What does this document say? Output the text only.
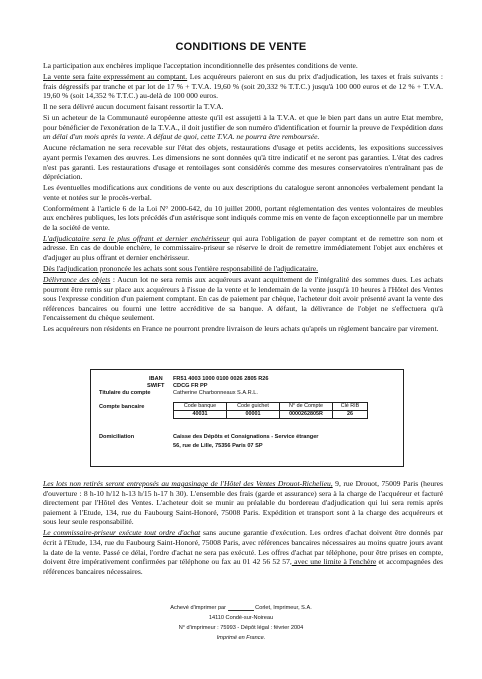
CONDITIONS DE VENTE

La participation aux enchères implique l'acceptation inconditionnelle des présentes conditions de vente.

La vente sera faite expressément au comptant. Les acquéreurs paieront en sus du prix d'adjudication, les taxes et frais suivants : frais dégressifs par tranche et par lot de 17 % + T.V.A. 19,60 % (soit 20,332 % T.T.C.) jusqu'à 100 000 euros et de 12 % + T.V.A. 19,60 % (soit 14,352 % T.T.C.) au-delà de 100 000 euros.

Il ne sera délivré aucun document faisant ressortir la T.V.A.

Si un acheteur de la Communauté européenne atteste qu'il est assujetti à la T.V.A. et que le bien part dans un autre Etat membre, pour bénéficier de l'exonération de la T.V.A., il doit justifier de son numéro d'identification et fournir la preuve de l'expédition dans un délai d'un mois après la vente. A défaut de quoi, cette T.V.A. ne pourra être remboursée.

Aucune réclamation ne sera recevable sur l'état des objets, restaurations d'usage et petits accidents, les expositions successives ayant permis l'examen des œuvres. Les dimensions ne sont données qu'à titre indicatif et ne seront pas garanties. L'état des cadres n'est pas garanti. Les restaurations d'usage et rentoilages sont considérés comme des mesures conservatoires n'entraînant pas de dépréciation.

Les éventuelles modifications aux conditions de vente ou aux descriptions du catalogue seront annoncées verbalement pendant la vente et notées sur le procès-verbal.

Conformément à l'article 6 de la Loi N° 2000-642, du 10 juillet 2000, portant réglementation des ventes volontaires de meubles aux enchères publiques, les lots précédés d'un astérisque sont indiqués comme mis en vente de façon exceptionnelle par un membre de la société de vente.

L'adjudicataire sera le plus offrant et dernier enchérisseur qui aura l'obligation de payer comptant et de remettre son nom et adresse. En cas de double enchère, le commissaire-priseur se réserve le droit de remettre immédiatement l'objet aux enchères et d'adjuger au plus offrant et dernier enchérisseur.

Dès l'adjudication prononcée les achats sont sous l'entière responsabilité de l'adjudicataire.

Délivrance des objets : Aucun lot ne sera remis aux acquéreurs avant acquittement de l'intégralité des sommes dues. Les achats pourront être remis sur place aux acquéreurs à l'issue de la vente et le lendemain de la vente jusqu'à 10 heures à l'Hôtel des Ventes sous l'expresse condition d'un paiement comptant. En cas de paiement par chèque, l'acheteur doit avoir présenté avant la vente des références bancaires ou fourni une lettre accréditive de sa banque. A défaut, la délivrance de l'objet ne s'effectuera qu'à l'encaissement du chèque seulement.

Les acquéreurs non résidents en France ne pourront prendre livraison de leurs achats qu'après un règlement bancaire par virement.

IBAN FR51 4003 1000 0100 0026 2805 R26
SWIFT CDCG FR PP
Titulaire du compte	Catherine Charbonneaux S.A.R.L.
Compte bancaire	Code banque	Code guichet	N° de Compte	Clé RIB
40031	00001	0000262805R	26
Domiciliation	Caisse des Dépôts et Consignations - Service étranger
56, rue de Lille, 75356 Paris 07 SP

Les lots non retirés seront entreposés au magasinage de l'Hôtel des Ventes Drouot-Richelieu, 9, rue Drouot, 75009 Paris (heures d'ouverture : 8 h-10 h/12 h-13 h/15 h-17 h 30). L'ensemble des frais (garde et assurance) sera à la charge de l'acquéreur et facturé directement par l'Hôtel des Ventes. L'acheteur doit se munir au préalable du bordereau d'adjudication qui lui sera remis après paiement à l'Etude, 134, rue du Faubourg Saint-Honoré, 75008 Paris. Expédition et transport sont à la charge des acquéreurs et sous leur seule responsabilité.

Le commissaire-priseur exécute tout ordre d'achat sans aucune garantie d'exécution. Les ordres d'achat doivent être donnés par écrit à l'Etude, 134, rue du Faubourg Saint-Honoré, 75008 Paris, avec références bancaires nécessaires au moins quatre jours avant la date de la vente. Passé ce délai, l'ordre d'achat ne sera pas exécuté. Les offres d'achat par téléphone, pour être prises en compte, doivent être impérativement confirmées par téléphone ou fax au 01 42 56 52 57, avec une limite à l'enchère et accompagnées des références bancaires nécessaires.

Achevé d'imprimer par	Corlet, Imprimeur, S.A.
14110 Condé-sur-Noireau
N° d'imprimeur : 75993 - Dépôt légal : février 2004
Imprimé en France.
